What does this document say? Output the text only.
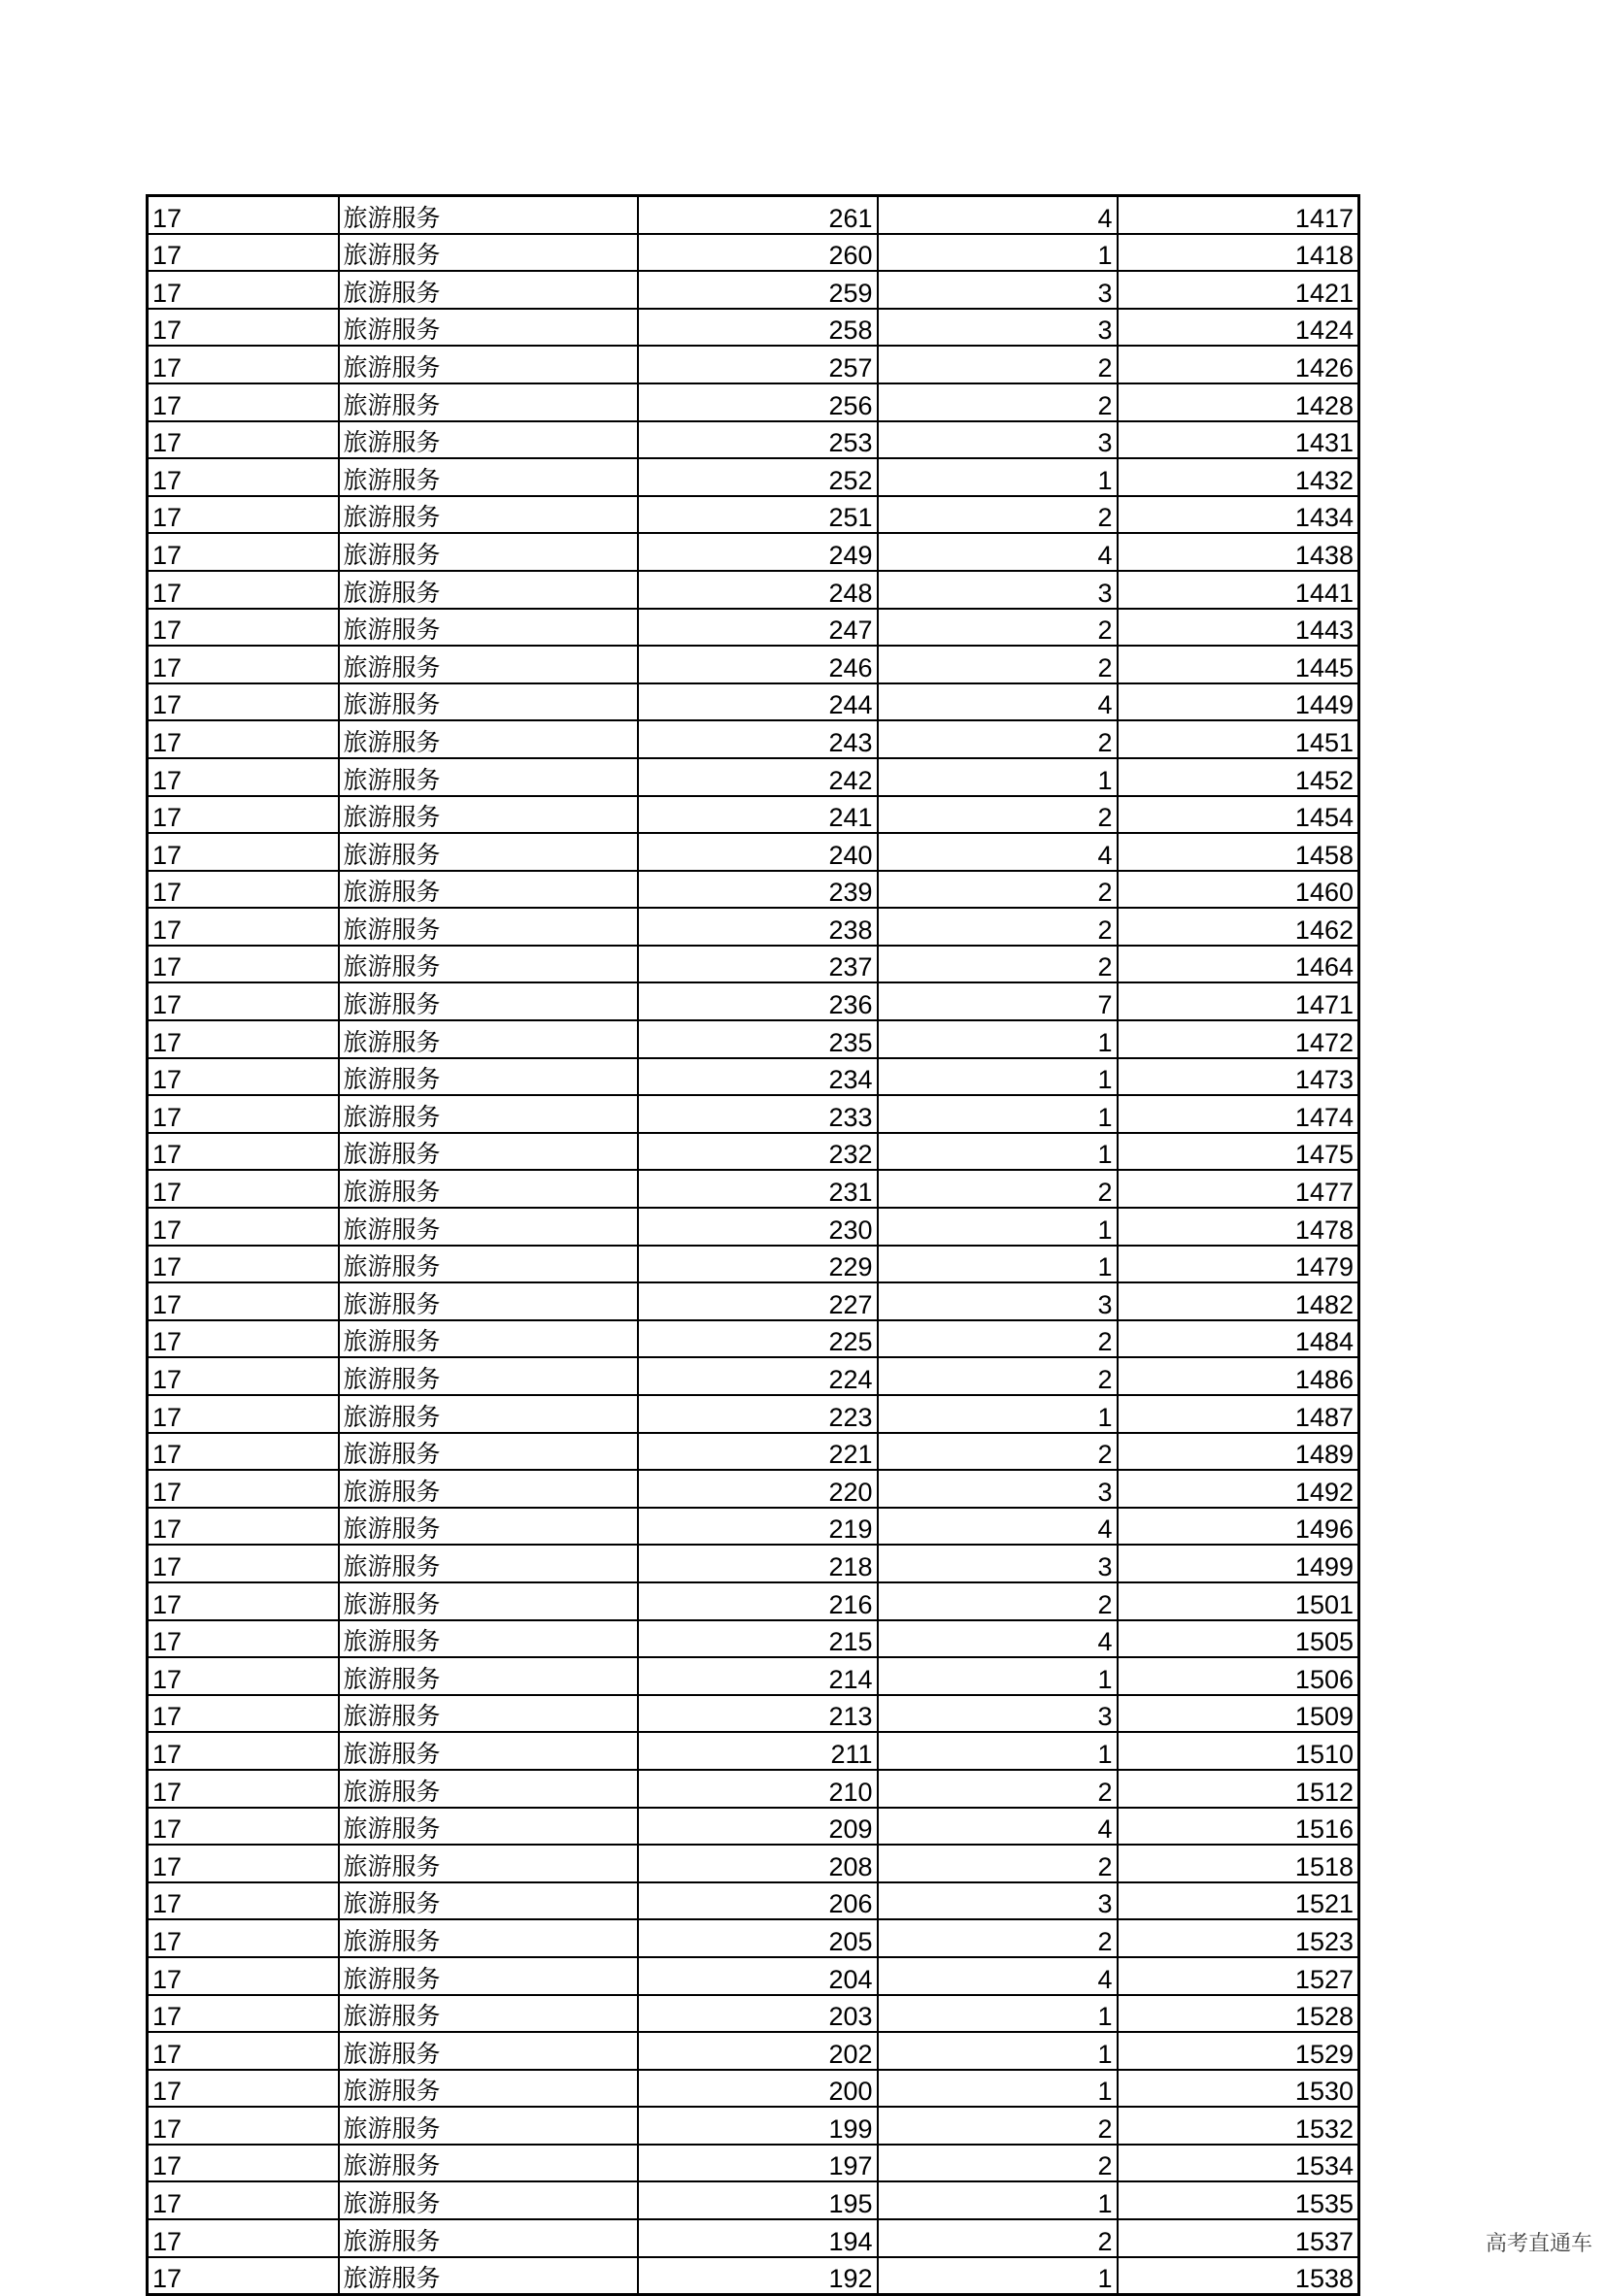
17	旅游服务	261	4	1417
17	旅游服务	260	1	1418
17	旅游服务	259	3	1421
17	旅游服务	258	3	1424
17	旅游服务	257	2	1426
17	旅游服务	256	2	1428
17	旅游服务	253	3	1431
17	旅游服务	252	1	1432
17	旅游服务	251	2	1434
17	旅游服务	249	4	1438
17	旅游服务	248	3	1441
17	旅游服务	247	2	1443
17	旅游服务	246	2	1445
17	旅游服务	244	4	1449
17	旅游服务	243	2	1451
17	旅游服务	242	1	1452
17	旅游服务	241	2	1454
17	旅游服务	240	4	1458
17	旅游服务	239	2	1460
17	旅游服务	238	2	1462
17	旅游服务	237	2	1464
17	旅游服务	236	7	1471
17	旅游服务	235	1	1472
17	旅游服务	234	1	1473
17	旅游服务	233	1	1474
17	旅游服务	232	1	1475
17	旅游服务	231	2	1477
17	旅游服务	230	1	1478
17	旅游服务	229	1	1479
17	旅游服务	227	3	1482
17	旅游服务	225	2	1484
17	旅游服务	224	2	1486
17	旅游服务	223	1	1487
17	旅游服务	221	2	1489
17	旅游服务	220	3	1492
17	旅游服务	219	4	1496
17	旅游服务	218	3	1499
17	旅游服务	216	2	1501
17	旅游服务	215	4	1505
17	旅游服务	214	1	1506
17	旅游服务	213	3	1509
17	旅游服务	211	1	1510
17	旅游服务	210	2	1512
17	旅游服务	209	4	1516
17	旅游服务	208	2	1518
17	旅游服务	206	3	1521
17	旅游服务	205	2	1523
17	旅游服务	204	4	1527
17	旅游服务	203	1	1528
17	旅游服务	202	1	1529
17	旅游服务	200	1	1530
17	旅游服务	199	2	1532
17	旅游服务	197	2	1534
17	旅游服务	195	1	1535
17	旅游服务	194	2	1537
17	旅游服务	192	1	1538
高考直通车
